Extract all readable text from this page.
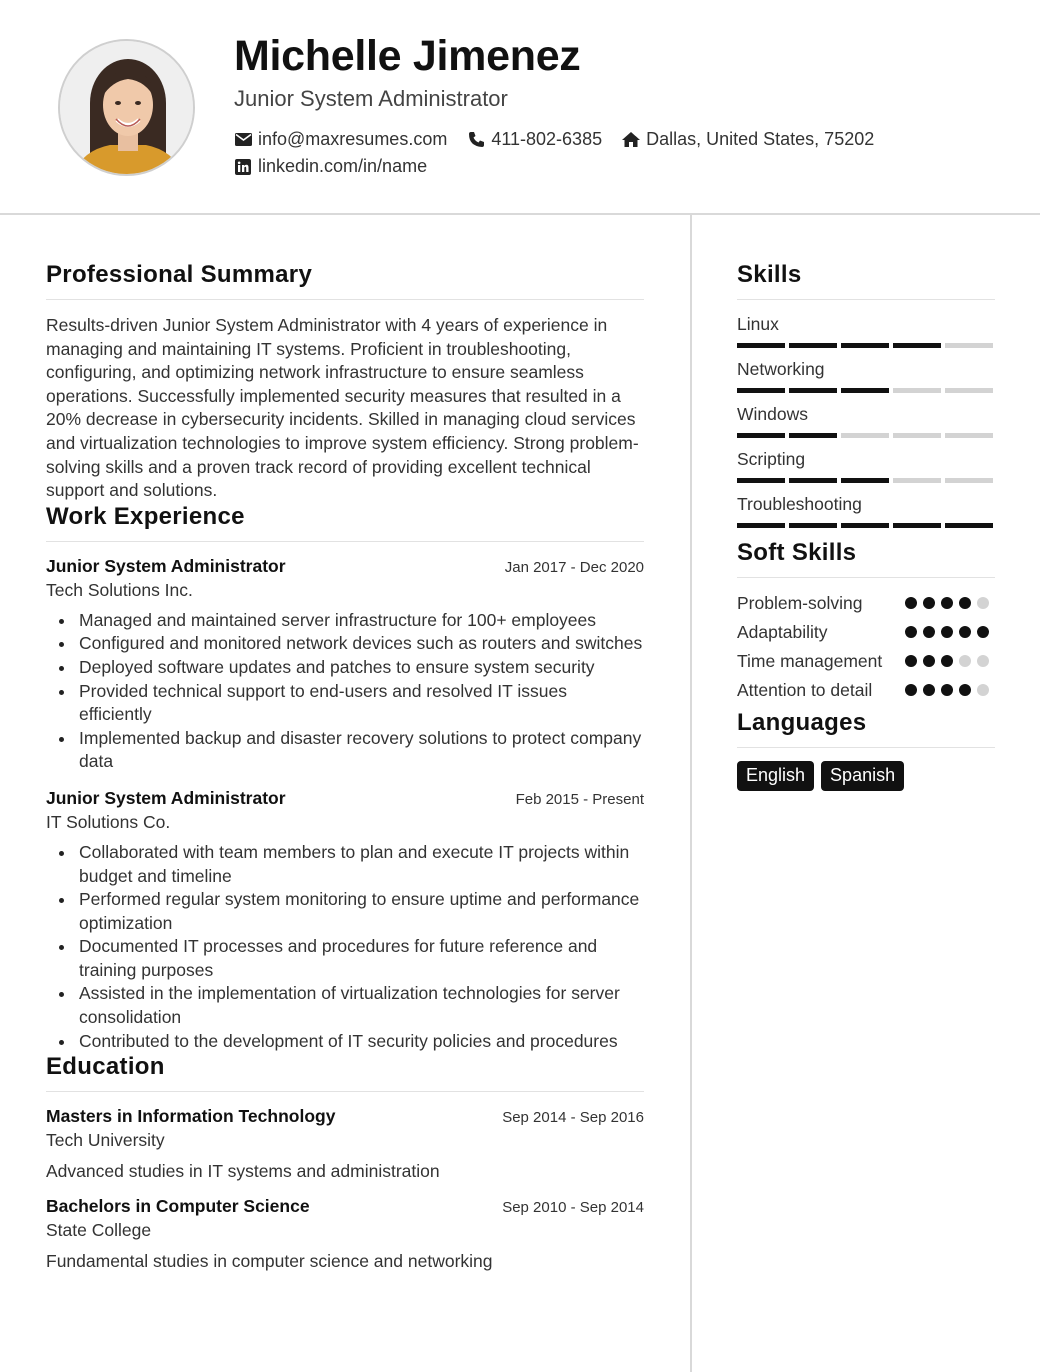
Michelle Jimenez
Junior System Administrator
info@maxresumes.com 411-802-6385 Dallas, United States, 75202
linkedin.com/in/name
Professional Summary
Results-driven Junior System Administrator with 4 years of experience in managing and maintaining IT systems. Proficient in troubleshooting, configuring, and optimizing network infrastructure to ensure seamless operations. Successfully implemented security measures that resulted in a 20% decrease in cybersecurity incidents. Skilled in managing cloud services and virtualization technologies to improve system efficiency. Strong problem-solving skills and a proven track record of providing excellent technical support and solutions.
Work Experience
Junior System Administrator	Jan 2017 - Dec 2020
Tech Solutions Inc.
Managed and maintained server infrastructure for 100+ employees
Configured and monitored network devices such as routers and switches
Deployed software updates and patches to ensure system security
Provided technical support to end-users and resolved IT issues efficiently
Implemented backup and disaster recovery solutions to protect company data
Junior System Administrator	Feb 2015 - Present
IT Solutions Co.
Collaborated with team members to plan and execute IT projects within budget and timeline
Performed regular system monitoring to ensure uptime and performance optimization
Documented IT processes and procedures for future reference and training purposes
Assisted in the implementation of virtualization technologies for server consolidation
Contributed to the development of IT security policies and procedures
Education
Masters in Information Technology	Sep 2014 - Sep 2016
Tech University
Advanced studies in IT systems and administration
Bachelors in Computer Science	Sep 2010 - Sep 2014
State College
Fundamental studies in computer science and networking
Skills
Linux
Networking
Windows
Scripting
Troubleshooting
Soft Skills
Problem-solving
Adaptability
Time management
Attention to detail
Languages
English	Spanish
